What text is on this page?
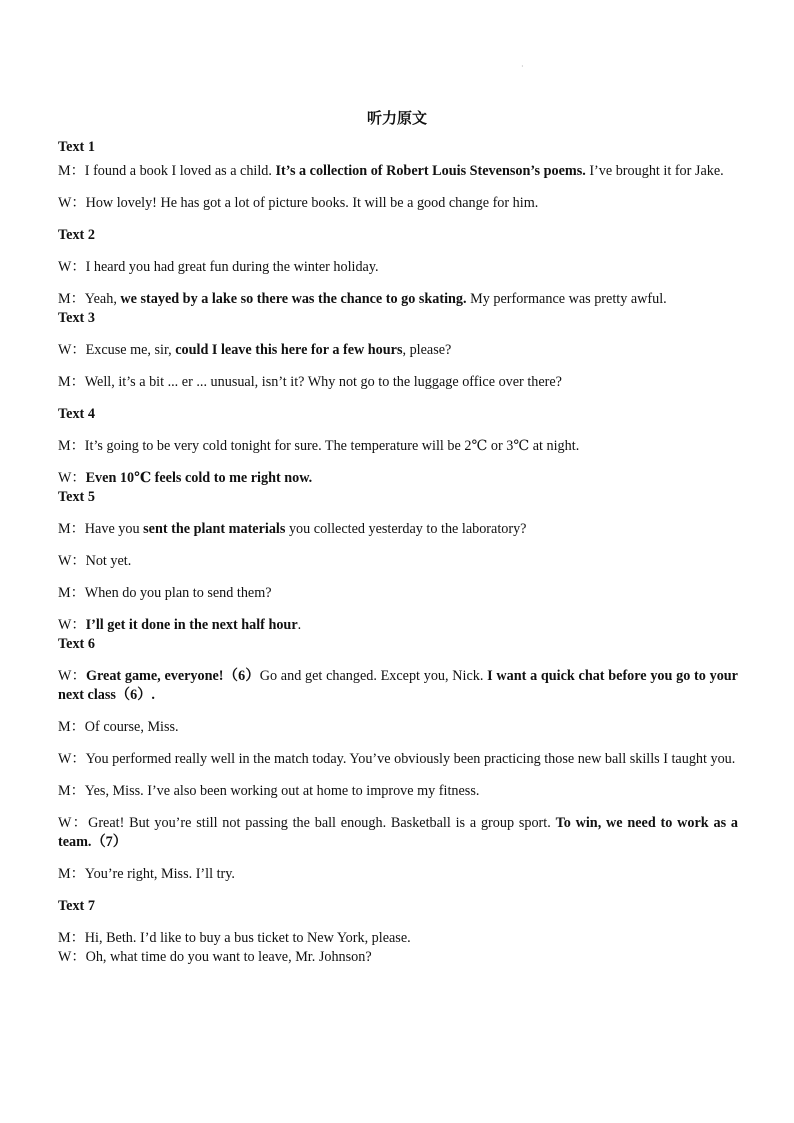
·
听力原文

Text 1

M：I found a book I loved as a child. It’s a collection of Robert Louis Stevenson’s poems. I’ve brought it for Jake.

W：How lovely! He has got a lot of picture books. It will be a good change for him.

Text 2

W：I heard you had great fun during the winter holiday.

M：Yeah, we stayed by a lake so there was the chance to go skating. My performance was pretty awful.

Text 3

W：Excuse me, sir, could I leave this here for a few hours, please?

M：Well, it’s a bit ... er ... unusual, isn’t it? Why not go to the luggage office over there?

Text 4

M：It’s going to be very cold tonight for sure. The temperature will be 2℃ or 3℃ at night.

W：Even 10℃ feels cold to me right now.

Text 5

M：Have you sent the plant materials you collected yesterday to the laboratory?

W：Not yet.

M：When do you plan to send them?

W：I’ll get it done in the next half hour.

Text 6

W：Great game, everyone!（6）Go and get changed. Except you, Nick. I want a quick chat before you go to your next class（6）.

M：Of course, Miss.

W：You performed really well in the match today. You’ve obviously been practicing those new ball skills I taught you.

M：Yes, Miss. I’ve also been working out at home to improve my fitness.

W：Great! But you’re still not passing the ball enough. Basketball is a group sport. To win, we need to work as a team.（7）

M：You’re right, Miss. I’ll try.

Text 7

M：Hi, Beth. I’d like to buy a bus ticket to New York, please.

W：Oh, what time do you want to leave, Mr. Johnson?
